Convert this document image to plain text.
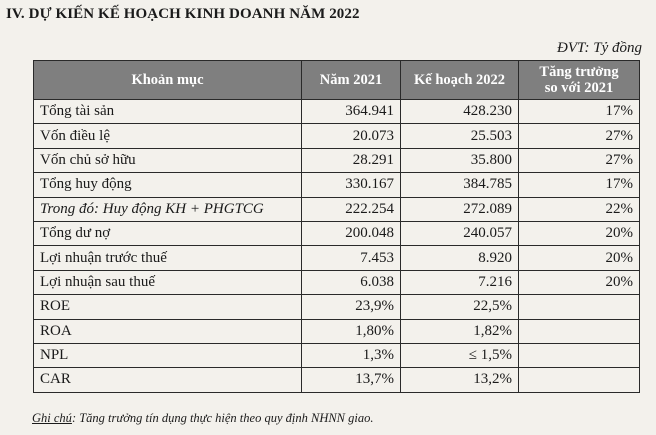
IV. DỰ KIẾN KẾ HOẠCH KINH DOANH NĂM 2022
ĐVT: Tỷ đồng
Khoản mục	Năm 2021	Kế hoạch 2022	Tăng trưởng
so với 2021
Tổng tài sản	364.941	428.230	17%
Vốn điều lệ	20.073	25.503	27%
Vốn chủ sở hữu	28.291	35.800	27%
Tổng huy động	330.167	384.785	17%
Trong đó: Huy động KH + PHGTCG	222.254	272.089	22%
Tổng dư nợ	200.048	240.057	20%
Lợi nhuận trước thuế	7.453	8.920	20%
Lợi nhuận sau thuế	6.038	7.216	20%
ROE	23,9%	22,5%	
ROA	1,80%	1,82%	
NPL	1,3%	≤ 1,5%	
CAR	13,7%	13,2%	
Ghi chú: Tăng trưởng tín dụng thực hiện theo quy định NHNN giao.
